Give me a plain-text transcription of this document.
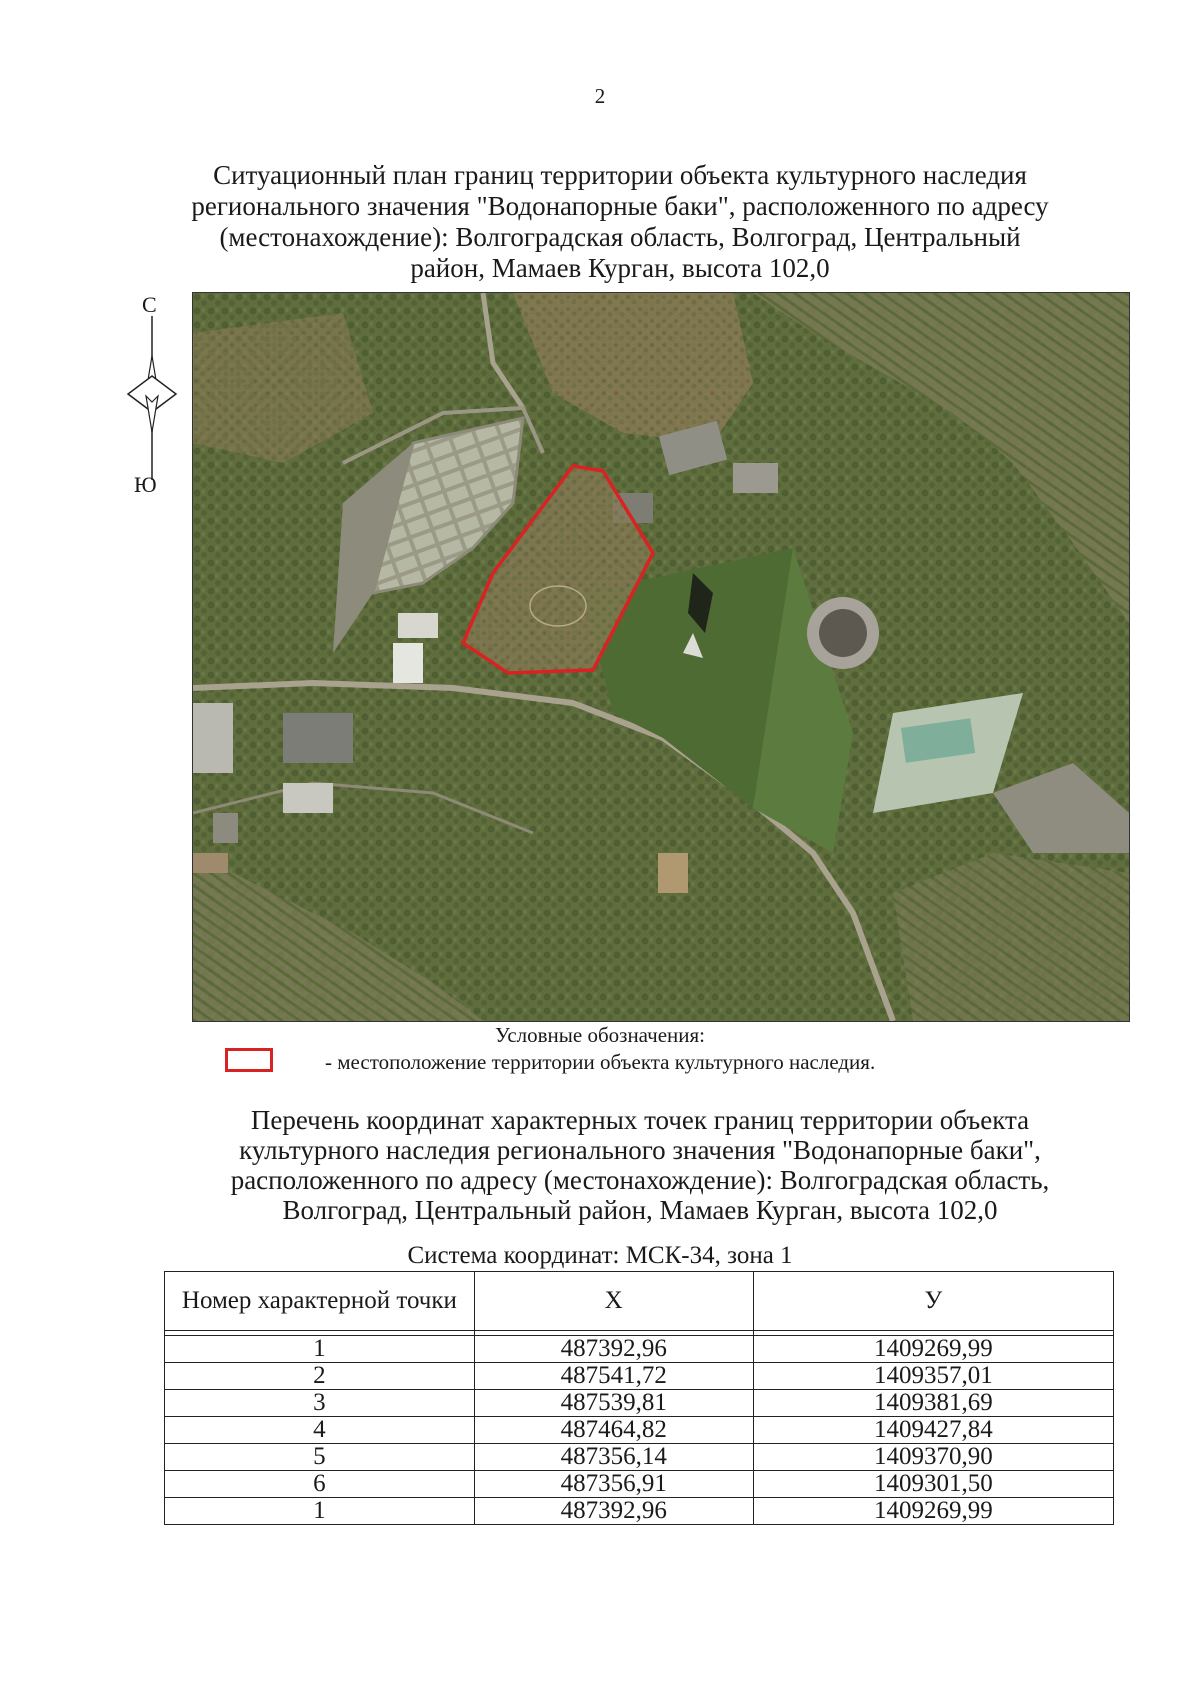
2
Ситуационный план границ территории объекта культурного наследия регионального значения "Водонапорные баки", расположенного по адресу (местонахождение): Волгоградская область, Волгоград, Центральный район, Мамаев Курган, высота 102,0
С
Ю
Условные обозначения:
- местоположение территории объекта культурного наследия.
Перечень координат характерных точек границ территории объекта культурного наследия регионального значения "Водонапорные баки", расположенного по адресу (местонахождение): Волгоградская область, Волгоград, Центральный район, Мамаев Курган, высота 102,0
Система координат: МСК-34, зона 1
Номер характерной точки	Х	У

1	487392,96	1409269,99
2	487541,72	1409357,01
3	487539,81	1409381,69
4	487464,82	1409427,84
5	487356,14	1409370,90
6	487356,91	1409301,50
1	487392,96	1409269,99
